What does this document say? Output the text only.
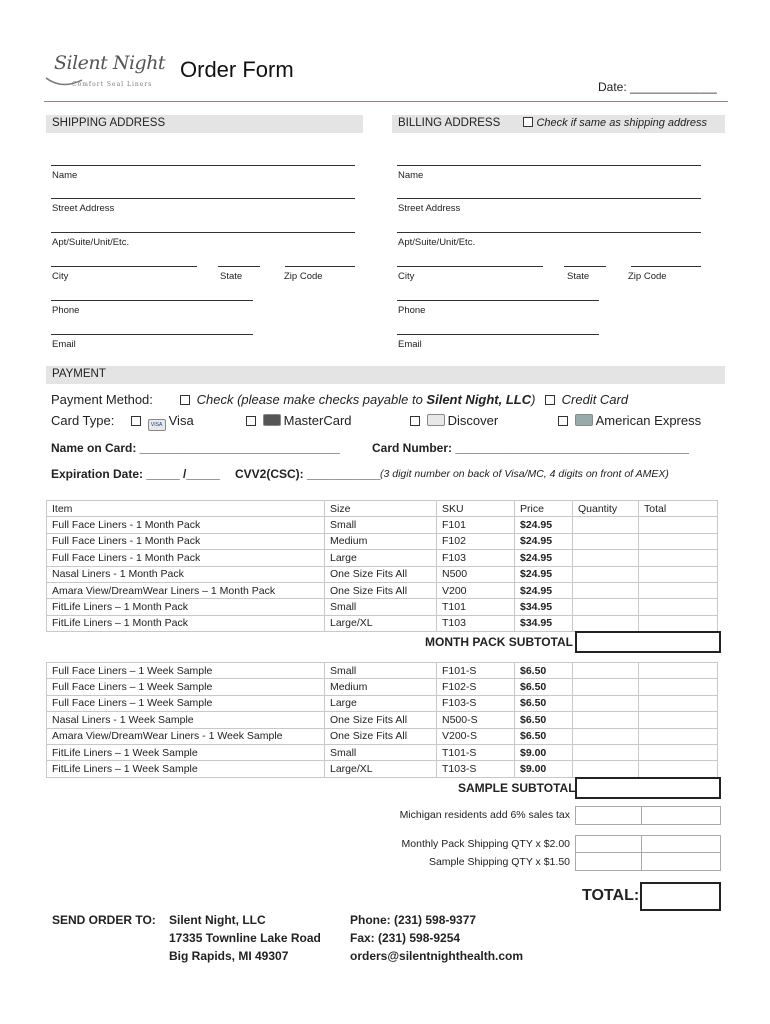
Silent Night
Comfort Seal Liners
Order Form
Date: _____________
SHIPPING ADDRESS	BILLING ADDRESS	Check if same as shipping address
Name
Street Address
Apt/Suite/Unit/Etc.
City	State	Zip Code
Phone
Email
Name
Street Address
Apt/Suite/Unit/Etc.
City	State	Zip Code
Phone
Email
PAYMENT
Payment Method:	Check (please make checks payable to Silent Night, LLC)	Credit Card
Card Type:	VISA Visa	MasterCard	Discover	American Express
Name on Card: ______________________________	Card Number: ___________________________________
Expiration Date: _____ /_____ CVV2(CSC): ___________ (3 digit number on back of Visa/MC, 4 digits on front of AMEX)
Item	Size	SKU	Price	Quantity	Total
Full Face Liners - 1 Month Pack	Small	F101	$24.95		
Full Face Liners - 1 Month Pack	Medium	F102	$24.95		
Full Face Liners - 1 Month Pack	Large	F103	$24.95		
Nasal Liners - 1 Month Pack	One Size Fits All	N500	$24.95		
Amara View/DreamWear Liners – 1 Month Pack	One Size Fits All	V200	$24.95		
FitLife Liners – 1 Month Pack	Small	T101	$34.95		
FitLife Liners – 1 Month Pack	Large/XL	T103	$34.95		
MONTH PACK SUBTOTAL
Full Face Liners – 1 Week Sample	Small	F101-S	$6.50		
Full Face Liners – 1 Week Sample	Medium	F102-S	$6.50		
Full Face Liners – 1 Week Sample	Large	F103-S	$6.50		
Nasal Liners - 1 Week Sample	One Size Fits All	N500-S	$6.50		
Amara View/DreamWear Liners - 1 Week Sample	One Size Fits All	V200-S	$6.50		
FitLife Liners – 1 Week Sample	Small	T101-S	$9.00		
FitLife Liners – 1 Week Sample	Large/XL	T103-S	$9.00		
SAMPLE SUBTOTAL
Michigan residents add 6% sales tax
Monthly Pack Shipping QTY x $2.00
Sample Shipping QTY x $1.50
TOTAL:
SEND ORDER TO: Silent Night, LLC
17335 Townline Lake Road
Big Rapids, MI 49307
Phone: (231) 598-9377
Fax: (231) 598-9254
orders@silentnighthealth.com
